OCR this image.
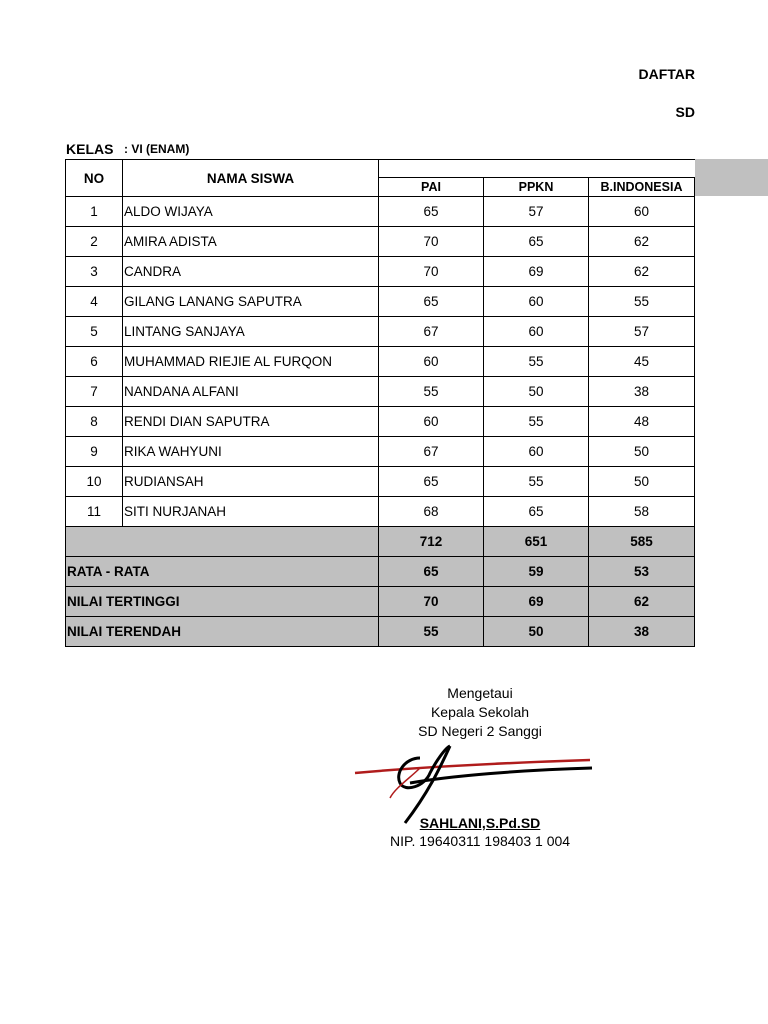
DAFTAR
SD
KELAS : VI (ENAM)
NO	NAMA SISWA			
		PAI	PPKN	B.INDONESIA
1	ALDO WIJAYA	65	57	60
2	AMIRA ADISTA	70	65	62
3	CANDRA	70	69	62
4	GILANG LANANG SAPUTRA	65	60	55
5	LINTANG SANJAYA	67	60	57
6	MUHAMMAD RIEJIE AL FURQON	60	55	45
7	NANDANA ALFANI	55	50	38
8	RENDI DIAN SAPUTRA	60	55	48
9	RIKA WAHYUNI	67	60	50
10	RUDIANSAH	65	55	50
11	SITI NURJANAH	68	65	58
		712	651	585
RATA - RATA		65	59	53
NILAI TERTINGGI		70	69	62
NILAI TERENDAH		55	50	38
Mengetaui
Kepala Sekolah
SD Negeri 2 Sanggi
SAHLANI,S.Pd.SD
NIP. 19640311 198403 1 004
